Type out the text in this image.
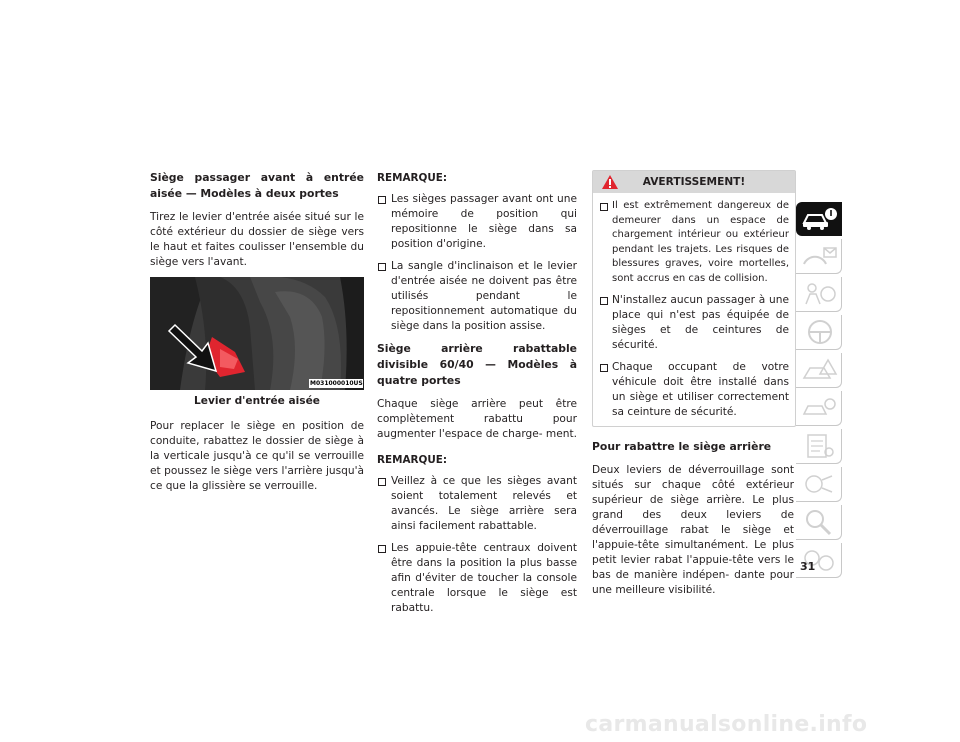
Siège passager avant à entrée aisée — Modèles à deux portes

Tirez le levier d'entrée aisée situé sur le côté extérieur du dossier de siège vers le haut et faites coulisser l'ensemble du siège vers l'avant.

M031000010US
Levier d'entrée aisée

Pour replacer le siège en position de conduite, rabattez le dossier de siège à la verticale jusqu'à ce qu'il se verrouille et poussez le siège vers l'arrière jusqu'à ce que la glissière se verrouille.

REMARQUE:
Les sièges passager avant ont une mémoire de position qui repositionne le siège dans sa position d'origine.
La sangle d'inclinaison et le levier d'entrée aisée ne doivent pas être utilisés pendant le repositionnement automatique du siège dans la position assise.
Siège arrière rabattable divisible 60/40 — Modèles à quatre portes

Chaque siège arrière peut être complètement rabattu pour augmenter l'espace de charge- ment.

REMARQUE:
Veillez à ce que les sièges avant soient totalement relevés et avancés. Le siège arrière sera ainsi facilement rabattable.
Les appuie-tête centraux doivent être dans la position la plus basse afin d'éviter de toucher la console centrale lorsque le siège est rabattu.
AVERTISSEMENT!
Il est extrêmement dangereux de demeurer dans un espace de chargement intérieur ou extérieur pendant les trajets. Les risques de blessures graves, voire mortelles, sont accrus en cas de collision.
N'installez aucun passager à une place qui n'est pas équipée de sièges et de ceintures de sécurité.
Chaque occupant de votre véhicule doit être installé dans un siège et utiliser correctement sa ceinture de sécurité.
Pour rabattre le siège arrière

Deux leviers de déverrouillage sont situés sur chaque côté extérieur supérieur de siège arrière. Le plus grand des deux leviers de déverrouillage rabat le siège et l'appuie-tête simultanément. Le plus petit levier rabat l'appuie-tête vers le bas de manière indépen- dante pour une meilleure visibilité.

31
carmanualsonline.info
